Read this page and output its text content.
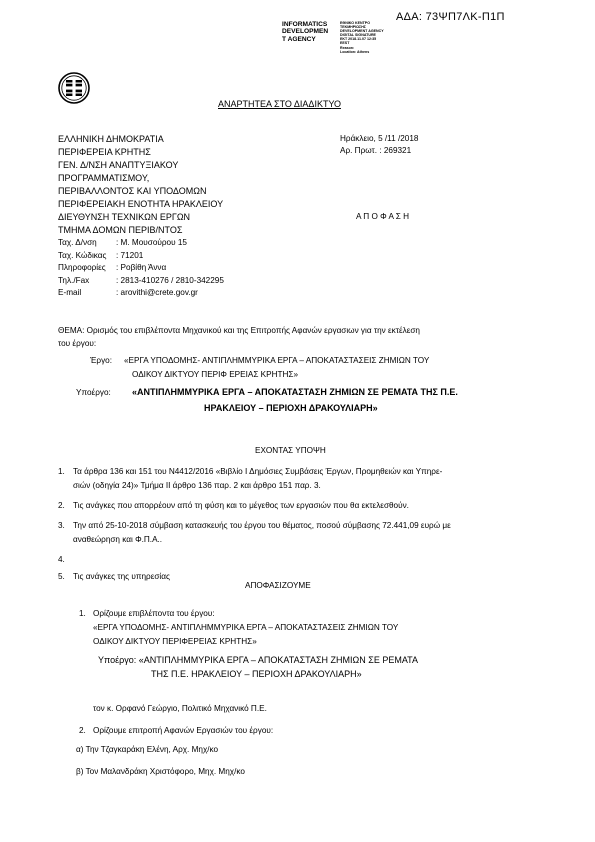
ΑΔΑ: 73ΨΠ7ΛΚ-Π1Π
INFORMATICS
DEVELOPMEN
T AGENCY
ΕΘΝΙΚΟ ΚΕΝΤΡΟ
ΤΕΚΜΗΡΙΩΣΗΣ
DEVELOPMENT AGENCY
DIGITAL SIGNATURE
ΕΚΤ 2018.11.07 12:35
EEST
Reason:
Location: Athens
ΑΝΑΡΤΗΤΕΑ ΣΤΟ ΔΙΑΔΙΚΤΥΟ
ΕΛΛΗΝΙΚΗ ΔΗΜΟΚΡΑΤΙΑ
ΠΕΡΙΦΕΡΕΙΑ ΚΡΗΤΗΣ
ΓΕΝ. Δ/ΝΣΗ ΑΝΑΠΤΥΞΙΑΚΟΥ
ΠΡΟΓΡΑΜΜΑΤΙΣΜΟΥ,
ΠΕΡΙΒΑΛΛΟΝΤΟΣ ΚΑΙ ΥΠΟΔΟΜΩΝ
ΠΕΡΙΦΕΡΕΙΑΚΗ ΕΝΟΤΗΤΑ ΗΡΑΚΛΕΙΟΥ
ΔΙΕΥΘΥΝΣΗ ΤΕΧΝΙΚΩΝ ΕΡΓΩΝ
ΤΜΗΜΑ ΔΟΜΩΝ ΠΕΡΙΒ/ΝΤΟΣ
Ηράκλειο, 5 /11 /2018
Αρ. Πρωτ. : 269321
Α Π Ο Φ Α Σ Η
Ταχ. Δ/νση : Μ. Μουσούρου 15
Ταχ. Κώδικας : 71201
Πληροφορίες : Ροβίθη Άννα
Τηλ./Fax	: 2813-410276 / 2810-342295
E-mail	: arovithi@crete.gov.gr
ΘΕΜΑ: Ορισμός του επιβλέποντα Μηχανικού και της Επιτροπής Αφανών εργασιων για την εκτέλεση
του έργου:
Έργο: «ΕΡΓΑ ΥΠΟΔΟΜΗΣ- ΑΝΤΙΠΛΗΜΜΥΡΙΚΑ ΕΡΓΑ – ΑΠΟΚΑΤΑΣΤΑΣΕΙΣ ΖΗΜΙΩΝ ΤΟΥ
ΟΔΙΚΟΥ ΔΙΚΤΥΟΥ ΠΕΡΙΦ ΕΡΕΙΑΣ ΚΡΗΤΗΣ»
Υποέργο: «ΑΝΤΙΠΛΗΜΜΥΡΙΚΑ ΕΡΓΑ – ΑΠΟΚΑΤΑΣΤΑΣΗ ΖΗΜΙΩΝ ΣΕ ΡΕΜΑΤΑ ΤΗΣ Π.Ε.
ΗΡΑΚΛΕΙΟΥ – ΠΕΡΙΟΧΗ ΔΡΑΚΟΥΛΙΑΡΗ»
ΕΧΟΝΤΑΣ ΥΠΟΨΗ
1. Τα άρθρα 136 και 151 του Ν4412/2016 «Βιβλίο Ι Δημόσιες Συμβάσεις Έργων, Προμηθειών και Υπηρε-
σιών (οδηγία 24)» Τμήμα ΙΙ άρθρο 136 παρ. 2 και άρθρο 151 παρ. 3.
2. Τις ανάγκες που απορρέουν από τη φύση και το μέγεθος των εργασιών που θα εκτελεσθούν.
3. Την από 25-10-2018 σύμβαση κατασκευής του έργου του θέματος, ποσού σύμβασης 72.441,09 ευρώ με
αναθεώρηση και Φ.Π.Α..
4.
5. Τις ανάγκες της υπηρεσίας
ΑΠΟΦΑΣΙΖΟΥΜΕ
1. Ορίζουμε επιβλέποντα του έργου:
«ΕΡΓΑ ΥΠΟΔΟΜΗΣ- ΑΝΤΙΠΛΗΜΜΥΡΙΚΑ ΕΡΓΑ – ΑΠΟΚΑΤΑΣΤΑΣΕΙΣ ΖΗΜΙΩΝ ΤΟΥ
ΟΔΙΚΟΥ ΔΙΚΤΥΟΥ ΠΕΡΙΦΕΡΕΙΑΣ ΚΡΗΤΗΣ»
Υποέργο: «ΑΝΤΙΠΛΗΜΜΥΡΙΚΑ ΕΡΓΑ – ΑΠΟΚΑΤΑΣΤΑΣΗ ΖΗΜΙΩΝ ΣΕ ΡΕΜΑΤΑ
ΤΗΣ Π.Ε. ΗΡΑΚΛΕΙΟΥ – ΠΕΡΙΟΧΗ ΔΡΑΚΟΥΛΙΑΡΗ»
τον κ. Ορφανό Γεώργιο, Πολιτικό Μηχανικό Π.Ε.
2. Ορίζουμε επιτροπή Αφανών Εργασιών του έργου:
α) Την Τζαγκαράκη Ελένη, Αρχ. Μηχ/κο
β) Τον Μαλανδράκη Χριστόφορο, Μηχ. Μηχ/κο
